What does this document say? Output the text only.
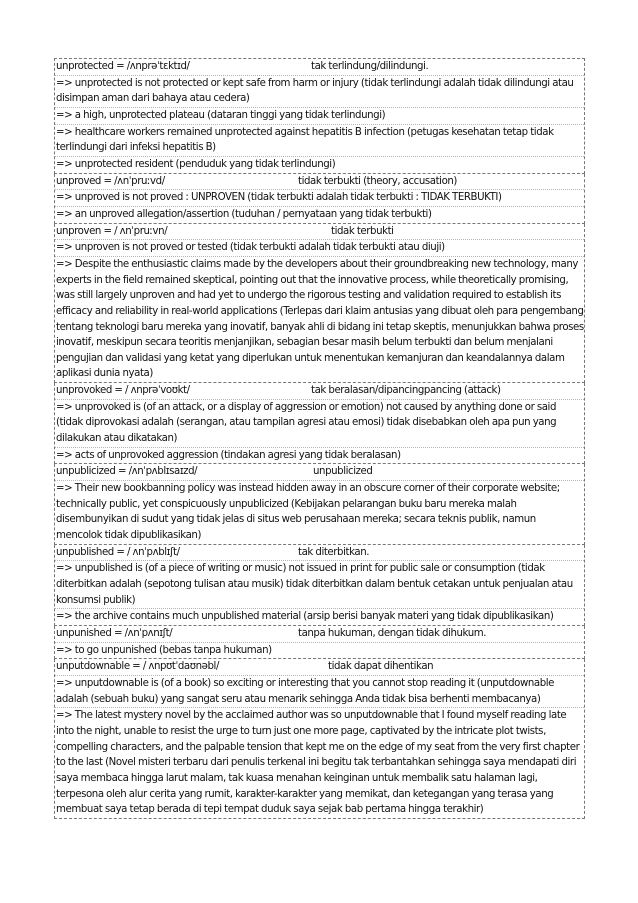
unprotected = /ʌnprəˈtɛktɪd/	tak terlindung/dilindungi.
=> unprotected is not protected or kept safe from harm or injury (tidak terlindungi adalah tidak dilindungi atau disimpan aman dari bahaya atau cedera)
=> a high, unprotected plateau (dataran tinggi yang tidak terlindungi)
=> healthcare workers remained unprotected against hepatitis B infection (petugas kesehatan tetap tidak terlindungi dari infeksi hepatitis B)
=> unprotected resident (penduduk yang tidak terlindungi)
unproved = /ʌnˈpruːvd/	tidak terbukti (theory, accusation)
=> unproved is not proved : UNPROVEN (tidak terbukti adalah tidak terbukti : TIDAK TERBUKTI)
=> an unproved allegation/assertion (tuduhan / pernyataan yang tidak terbukti)
unproven = / ʌnˈpruːvn/	tidak terbukti
=> unproven is not proved or tested (tidak terbukti adalah tidak terbukti atau diuji)
=> Despite the enthusiastic claims made by the developers about their groundbreaking new technology, many experts in the field remained skeptical, pointing out that the innovative process, while theoretically promising, was still largely unproven and had yet to undergo the rigorous testing and validation required to establish its efficacy and reliability in real-world applications (Terlepas dari klaim antusias yang dibuat oleh para pengembang tentang teknologi baru mereka yang inovatif, banyak ahli di bidang ini tetap skeptis, menunjukkan bahwa proses inovatif, meskipun secara teoritis menjanjikan, sebagian besar masih belum terbukti dan belum menjalani pengujian dan validasi yang ketat yang diperlukan untuk menentukan kemanjuran dan keandalannya dalam aplikasi dunia nyata)
unprovoked = / ʌnprəˈvoʊkt/	tak beralasan/dipancingpancing (attack)
=> unprovoked is (of an attack, or a display of aggression or emotion) not caused by anything done or said (tidak diprovokasi adalah (serangan, atau tampilan agresi atau emosi) tidak disebabkan oleh apa pun yang dilakukan atau dikatakan)
=> acts of unprovoked aggression (tindakan agresi yang tidak beralasan)
unpublicized = /ʌnˈpʌblɪsaɪzd/	unpublicized
=> Their new bookbanning policy was instead hidden away in an obscure corner of their corporate website; technically public, yet conspicuously unpublicized (Kebijakan pelarangan buku baru mereka malah disembunyikan di sudut yang tidak jelas di situs web perusahaan mereka; secara teknis publik, namun mencolok tidak dipublikasikan)
unpublished = / ʌnˈpʌblɪʃt/	tak diterbitkan.
=> unpublished is (of a piece of writing or music) not issued in print for public sale or consumption (tidak diterbitkan adalah (sepotong tulisan atau musik) tidak diterbitkan dalam bentuk cetakan untuk penjualan atau konsumsi publik)
=> the archive contains much unpublished material (arsip berisi banyak materi yang tidak dipublikasikan)
unpunished = /ʌnˈpʌnɪʃt/	tanpa hukuman, dengan tidak dihukum.
=> to go unpunished (bebas tanpa hukuman)
unputdownable = / ʌnpʊtˈdaʊnəbl/	tidak dapat dihentikan
=> unputdownable is (of a book) so exciting or interesting that you cannot stop reading it (unputdownable adalah (sebuah buku) yang sangat seru atau menarik sehingga Anda tidak bisa berhenti membacanya)
=> The latest mystery novel by the acclaimed author was so unputdownable that I found myself reading late into the night, unable to resist the urge to turn just one more page, captivated by the intricate plot twists, compelling characters, and the palpable tension that kept me on the edge of my seat from the very first chapter to the last (Novel misteri terbaru dari penulis terkenal ini begitu tak terbantahkan sehingga saya mendapati diri saya membaca hingga larut malam, tak kuasa menahan keinginan untuk membalik satu halaman lagi, terpesona oleh alur cerita yang rumit, karakter-karakter yang memikat, dan ketegangan yang terasa yang membuat saya tetap berada di tepi tempat duduk saya sejak bab pertama hingga terakhir)
